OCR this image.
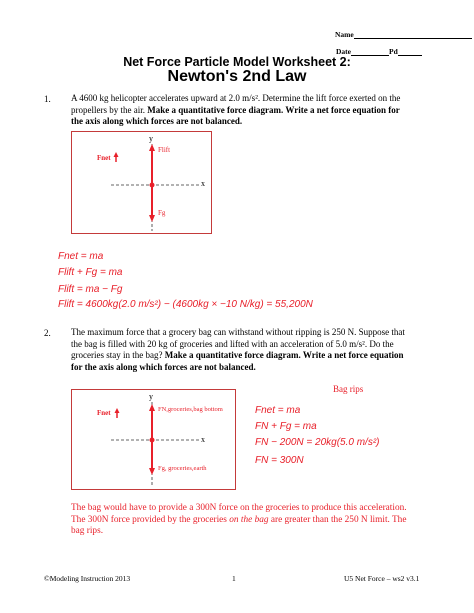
Name
Date	Pd
Net Force Particle Model Worksheet 2:
Newton's 2nd Law
1. A 4600 kg helicopter accelerates upward at 2.0 m/s². Determine the lift force exerted on the
propellers by the air. Make a quantitative force diagram. Write a net force equation for
the axis along which forces are not balanced.
y
x
Fnet
Flift
Fg
Fnet = ma
Flift + Fg = ma
Flift = ma − Fg
Flift = 4600kg(2.0 m/s²) − (4600kg × −10 N/kg) = 55,200N
2. The maximum force that a grocery bag can withstand without ripping is 250 N. Suppose that
the bag is filled with 20 kg of groceries and lifted with an acceleration of 5.0 m/s². Do the
groceries stay in the bag? Make a quantitative force diagram. Write a net force equation
for the axis along which forces are not balanced.
Bag rips
y
x
Fnet	FN,groceries,bag bottom
Fg, groceries,earth
Fnet = ma
FN + Fg = ma
FN − 200N = 20kg(5.0 m/s²)
FN = 300N
The bag would have to provide a 300N force on the groceries to produce this acceleration.
The 300N force provided by the groceries on the bag are greater than the 250 N limit. The
bag rips.
©Modeling Instruction 2013	1	U5 Net Force – ws2 v3.1
